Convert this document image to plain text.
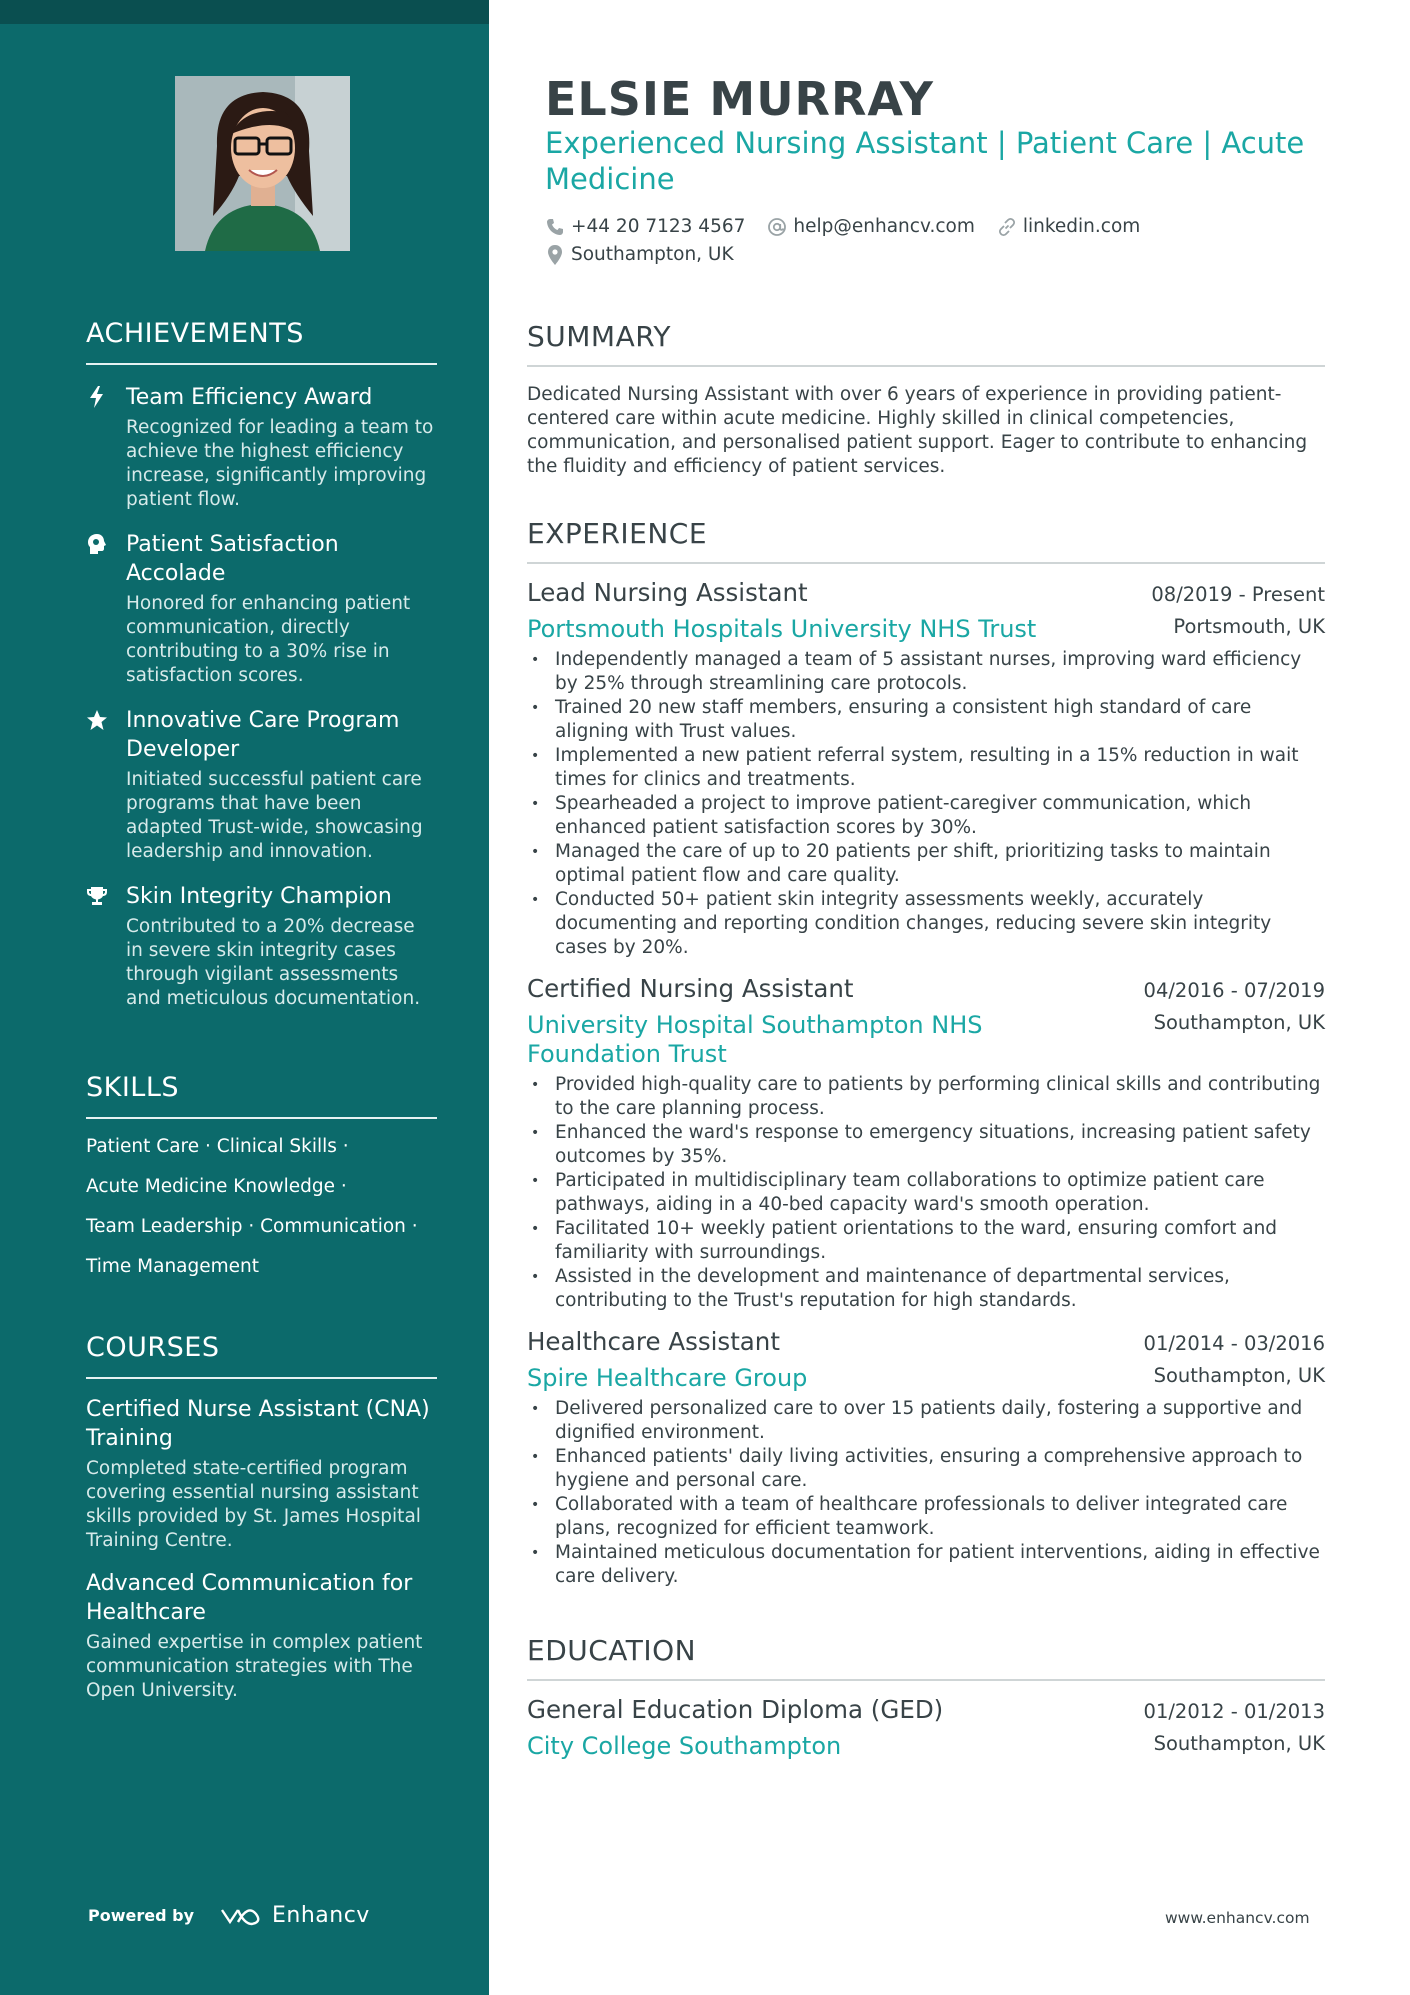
ACHIEVEMENTS
Team Efficiency Award
Recognized for leading a team to achieve the highest efficiency increase, significantly improving patient flow.
Patient Satisfaction Accolade
Honored for enhancing patient communication, directly contributing to a 30% rise in satisfaction scores.
Innovative Care Program Developer
Initiated successful patient care programs that have been adapted Trust-wide, showcasing leadership and innovation.
Skin Integrity Champion
Contributed to a 20% decrease in severe skin integrity cases through vigilant assessments and meticulous documentation.
SKILLS
Patient Care · Clinical Skills ·
Acute Medicine Knowledge ·
Team Leadership · Communication ·
Time Management
COURSES
Certified Nurse Assistant (CNA) Training
Completed state-certified program covering essential nursing assistant skills provided by St. James Hospital Training Centre.
Advanced Communication for Healthcare
Gained expertise in complex patient communication strategies with The Open University.
Powered by	Enhancv
ELSIE MURRAY
Experienced Nursing Assistant | Patient Care | Acute Medicine
+44 20 7123 4567	help@enhancv.com	linkedin.com
Southampton, UK
SUMMARY
Dedicated Nursing Assistant with over 6 years of experience in providing patient-centered care within acute medicine. Highly skilled in clinical competencies, communication, and personalised patient support. Eager to contribute to enhancing the fluidity and efficiency of patient services.
EXPERIENCE
Lead Nursing Assistant	08/2019 - Present
Portsmouth Hospitals University NHS Trust	Portsmouth, UK
• Independently managed a team of 5 assistant nurses, improving ward efficiency by 25% through streamlining care protocols.
• Trained 20 new staff members, ensuring a consistent high standard of care aligning with Trust values.
• Implemented a new patient referral system, resulting in a 15% reduction in wait times for clinics and treatments.
• Spearheaded a project to improve patient-caregiver communication, which enhanced patient satisfaction scores by 30%.
• Managed the care of up to 20 patients per shift, prioritizing tasks to maintain optimal patient flow and care quality.
• Conducted 50+ patient skin integrity assessments weekly, accurately documenting and reporting condition changes, reducing severe skin integrity cases by 20%.
Certified Nursing Assistant	04/2016 - 07/2019
University Hospital Southampton NHS Foundation Trust
Southampton, UK
• Provided high-quality care to patients by performing clinical skills and contributing to the care planning process.
• Enhanced the ward's response to emergency situations, increasing patient safety outcomes by 35%.
• Participated in multidisciplinary team collaborations to optimize patient care pathways, aiding in a 40-bed capacity ward's smooth operation.
• Facilitated 10+ weekly patient orientations to the ward, ensuring comfort and familiarity with surroundings.
• Assisted in the development and maintenance of departmental services, contributing to the Trust's reputation for high standards.
Healthcare Assistant	01/2014 - 03/2016
Spire Healthcare Group	Southampton, UK
• Delivered personalized care to over 15 patients daily, fostering a supportive and dignified environment.
• Enhanced patients' daily living activities, ensuring a comprehensive approach to hygiene and personal care.
• Collaborated with a team of healthcare professionals to deliver integrated care plans, recognized for efficient teamwork.
• Maintained meticulous documentation for patient interventions, aiding in effective care delivery.
EDUCATION
General Education Diploma (GED)	01/2012 - 01/2013
City College Southampton	Southampton, UK
www.enhancv.com
